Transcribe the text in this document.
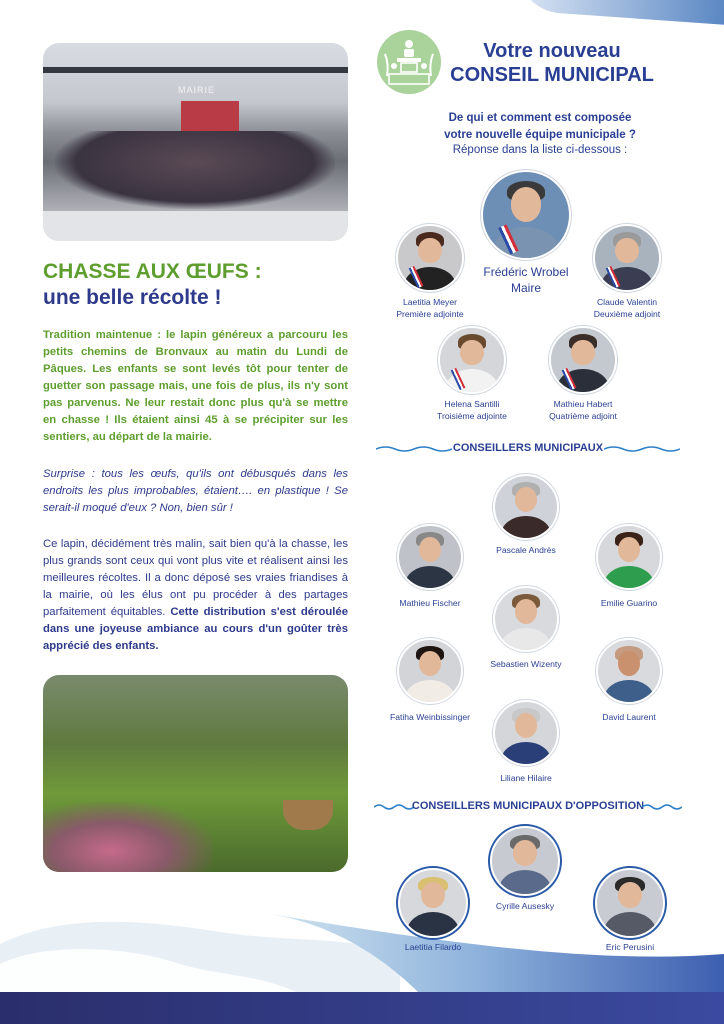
MAIRIE
CHASSE AUX ŒUFS :
une belle récolte !

Tradition maintenue : le lapin généreux a parcouru les petits chemins de Bronvaux au matin du Lundi de Pâques. Les enfants se sont levés tôt pour tenter de guetter son passage mais, une fois de plus, ils n'y sont pas parvenus. Ne leur restait donc plus qu'à se mettre en chasse ! Ils étaient ainsi 45 à se précipiter sur les sentiers, au départ de la mairie.

Surprise : tous les œufs, qu'ils ont débusqués dans les endroits les plus improbables, étaient…. en plastique ! Se serait-il moqué d'eux ? Non, bien sûr !

Ce lapin, décidément très malin, sait bien qu'à la chasse, les plus grands sont ceux qui vont plus vite et réalisent ainsi les meilleures récoltes. Il a donc déposé ses vraies friandises à la mairie, où les élus ont pu procéder à des partages parfaitement équitables. Cette distribution s'est déroulée dans une joyeuse ambiance au cours d'un goûter très apprécié des enfants.

Votre nouveau
CONSEIL MUNICIPAL
De qui et comment est composée
votre nouvelle équipe municipale ?
Réponse dans la liste ci-dessous :
Frédéric Wrobel
Maire
Laetitia Meyer
Première adjointe
Claude Valentin
Deuxième adjoint
Helena Santilli
Troisième adjointe
Mathieu Habert
Quatrième adjoint
CONSEILLERS MUNICIPAUX
Pascale Andrès
Mathieu Fischer	Emilie Guarino
Sebastien Wizenty
Fatiha Weinbissinger	David Laurent
Liliane Hilaire
CONSEILLERS MUNICIPAUX D'OPPOSITION
Cyrille Ausesky
Laetitia Filardo	Eric Perusini
